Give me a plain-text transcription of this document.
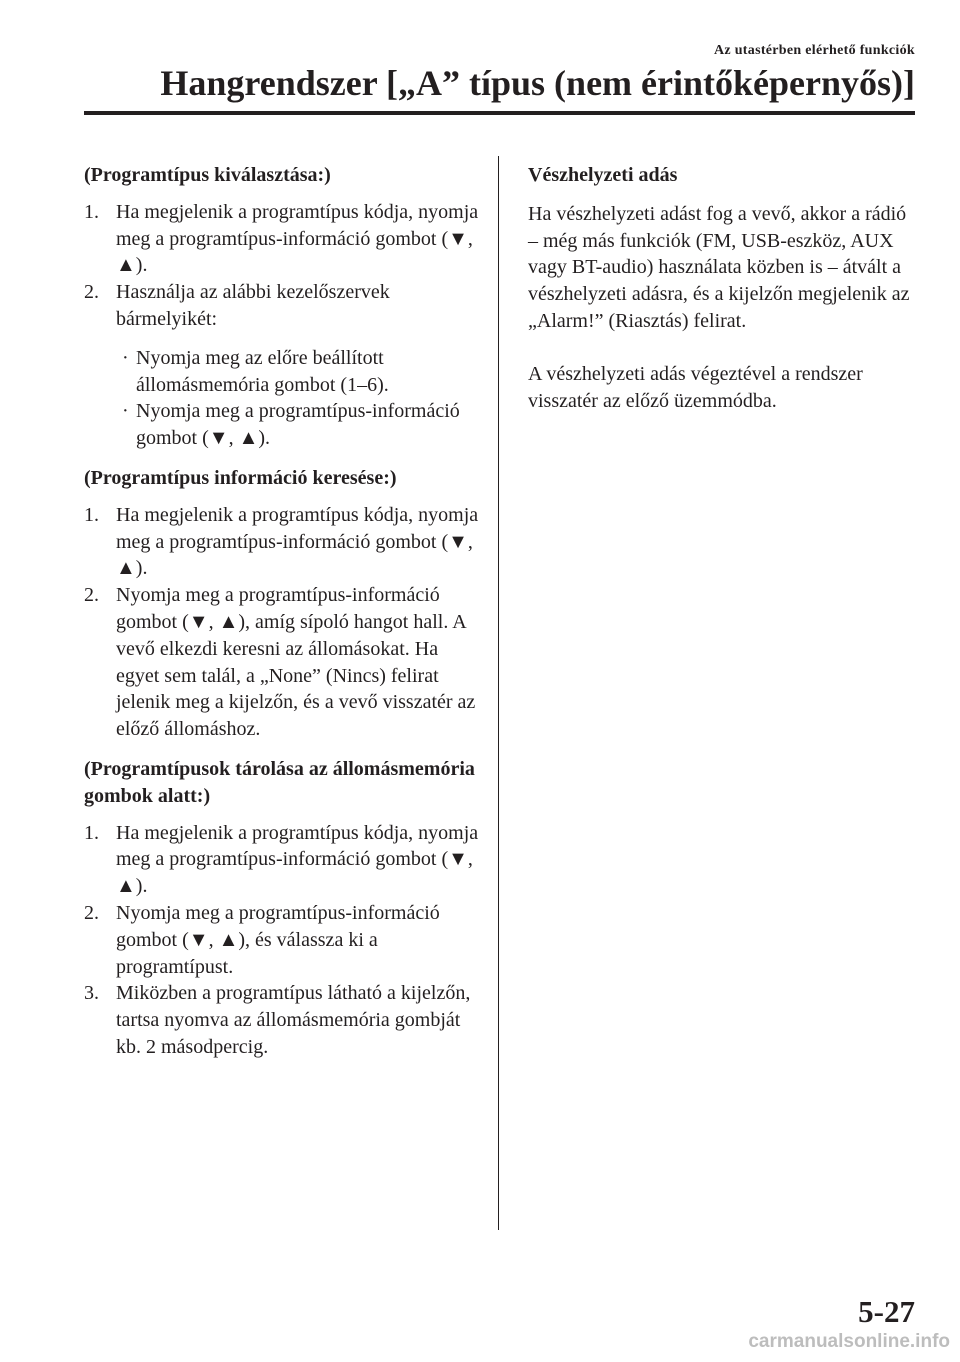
Az utastérben elérhető funkciók
Hangrendszer [„A” típus (nem érintőképernyős)]

(Programtípus kiválasztása:)

1. Ha megjelenik a programtípus kódja, nyomja meg a programtípus-információ gombot (▼, ▲).
2. Használja az alábbi kezelőszervek bármelyikét:
· Nyomja meg az előre beállított állomásmemória gombot (1–6).
· Nyomja meg a programtípus-információ gombot (▼, ▲).

(Programtípus információ keresése:)

1. Ha megjelenik a programtípus kódja, nyomja meg a programtípus-információ gombot (▼, ▲).
2. Nyomja meg a programtípus-információ gombot (▼, ▲), amíg sípoló hangot hall. A vevő elkezdi keresni az állomásokat. Ha egyet sem talál, a „None” (Nincs) felirat jelenik meg a kijelzőn, és a vevő visszatér az előző állomáshoz.

(Programtípusok tárolása az állomásmemória gombok alatt:)

1. Ha megjelenik a programtípus kódja, nyomja meg a programtípus-információ gombot (▼, ▲).
2. Nyomja meg a programtípus-információ gombot (▼, ▲), és válassza ki a programtípust.
3. Miközben a programtípus látható a kijelzőn, tartsa nyomva az állomásmemória gombját kb. 2 másodpercig.

Vészhelyzeti adás

Ha vészhelyzeti adást fog a vevő, akkor a rádió – még más funkciók (FM, USB-eszköz, AUX vagy BT-audio) használata közben is – átvált a vészhelyzeti adásra, és a kijelzőn megjelenik az „Alarm!” (Riasztás) felirat.

A vészhelyzeti adás végeztével a rendszer visszatér az előző üzemmódba.

5-27
carmanualsonline.info
